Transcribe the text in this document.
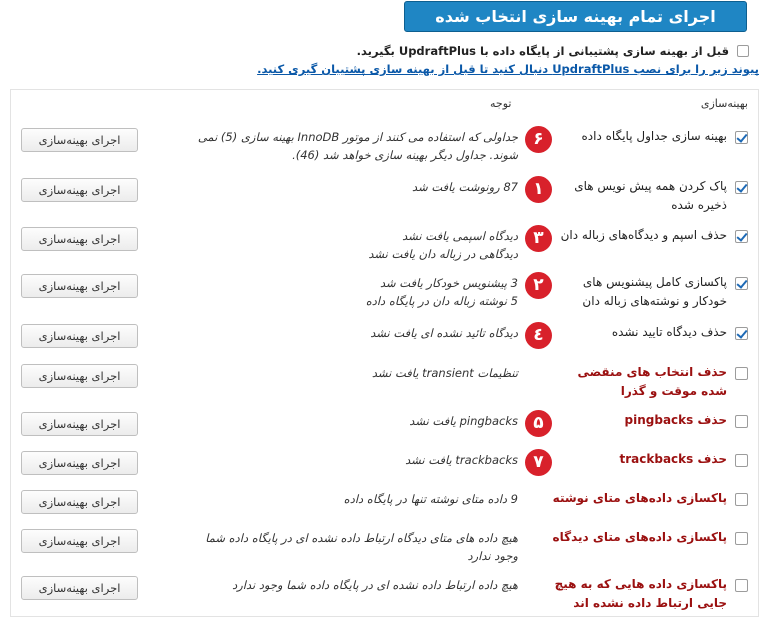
اجرای تمام بهینه سازی انتخاب شده
قبل از بهینه سازی پشتیبانی از پایگاه داده با UpdraftPlus بگیرید.
پیوند زیر را برای نصب UpdraftPlus دنبال کنید تا قبل از بهینه سازی پشتیبان گیری کنید.
بهینه‌سازی
توجه
بهینه سازی جداول پایگاه داده
۶
جداولی که استفاده می کنند از موتور InnoDB بهینه سازی (5) نمی شوند. جداول دیگر بهینه سازی خواهد شد (46).
اجرای بهینه‌سازی
پاک کردن همه پیش نویس های ذخیره شده
۱
87 رونوشت یافت شد
اجرای بهینه‌سازی
حذف اسپم و دیدگاه‌های زباله دان
۳
دیدگاه اسپمی یافت نشد
دیدگاهی در زباله دان یافت نشد
اجرای بهینه‌سازی
پاکسازی کامل پیشنویس های خودکار و نوشته‌های زباله دان
۲
3 پیشنویس خودکار یافت شد
5 نوشته زباله دان در پایگاه داده
اجرای بهینه‌سازی
حذف دیدگاه تایید نشده
٤
دیدگاه تائید نشده ای یافت نشد
اجرای بهینه‌سازی
حذف انتخاب های منقضی شده موقت و گذرا
تنظیمات transient یافت نشد
اجرای بهینه‌سازی
حذف pingbacks
۵
pingbacks یافت نشد
اجرای بهینه‌سازی
حذف trackbacks
۷
trackbacks یافت نشد
اجرای بهینه‌سازی
پاکسازی داده‌های متای نوشته
9 داده متای نوشته تنها در پایگاه داده
اجرای بهینه‌سازی
پاکسازی داده‌های متای دیدگاه
هیچ داده های متای دیدگاه ارتباط داده نشده ای در پایگاه داده شما وجود ندارد
اجرای بهینه‌سازی
پاکسازی داده هایی که به هیچ جایی ارتباط داده نشده اند
هیچ داده ارتباط داده نشده ای در پایگاه داده شما وجود ندارد
اجرای بهینه‌سازی
